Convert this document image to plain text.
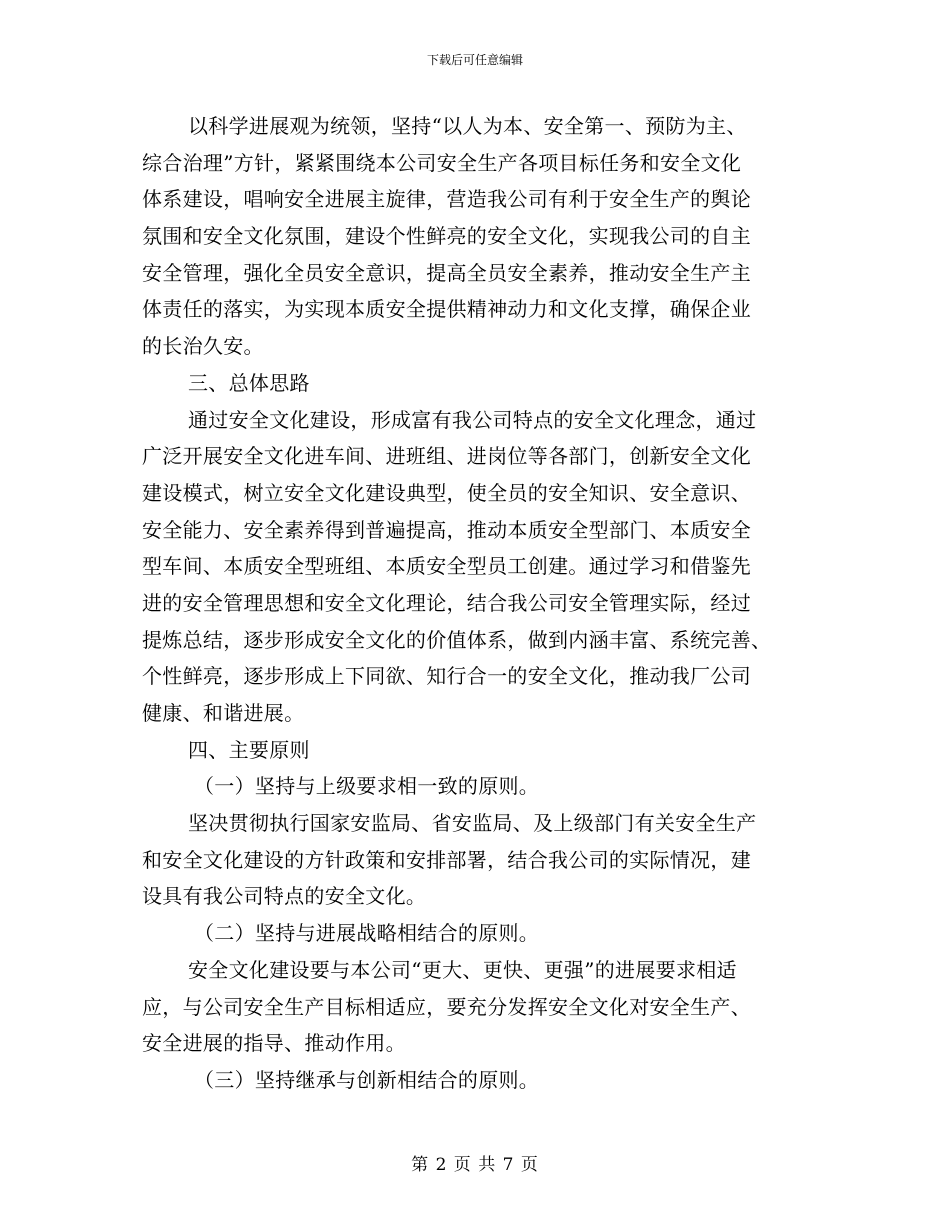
下载后可任意编辑
以科学进展观为统领，坚持“以人为本、安全第一、预防为主、
综合治理”方针，紧紧围绕本公司安全生产各项目标任务和安全文化
体系建设，唱响安全进展主旋律，营造我公司有利于安全生产的舆论
氛围和安全文化氛围，建设个性鲜亮的安全文化，实现我公司的自主
安全管理，强化全员安全意识，提高全员安全素养，推动安全生产主
体责任的落实，为实现本质安全提供精神动力和文化支撑，确保企业
的长治久安。
三、总体思路
通过安全文化建设，形成富有我公司特点的安全文化理念，通过
广泛开展安全文化进车间、进班组、进岗位等各部门，创新安全文化
建设模式，树立安全文化建设典型，使全员的安全知识、安全意识、
安全能力、安全素养得到普遍提高，推动本质安全型部门、本质安全
型车间、本质安全型班组、本质安全型员工创建。通过学习和借鉴先
进的安全管理思想和安全文化理论，结合我公司安全管理实际，经过
提炼总结，逐步形成安全文化的价值体系，做到内涵丰富、系统完善、
个性鲜亮，逐步形成上下同欲、知行合一的安全文化，推动我厂公司
健康、和谐进展。
四、主要原则
（一）坚持与上级要求相一致的原则。
坚决贯彻执行国家安监局、省安监局、及上级部门有关安全生产
和安全文化建设的方针政策和安排部署，结合我公司的实际情况，建
设具有我公司特点的安全文化。
（二）坚持与进展战略相结合的原则。
安全文化建设要与本公司“更大、更快、更强”的进展要求相适
应，与公司安全生产目标相适应，要充分发挥安全文化对安全生产、
安全进展的指导、推动作用。
（三）坚持继承与创新相结合的原则。
第 2 页 共 7 页
